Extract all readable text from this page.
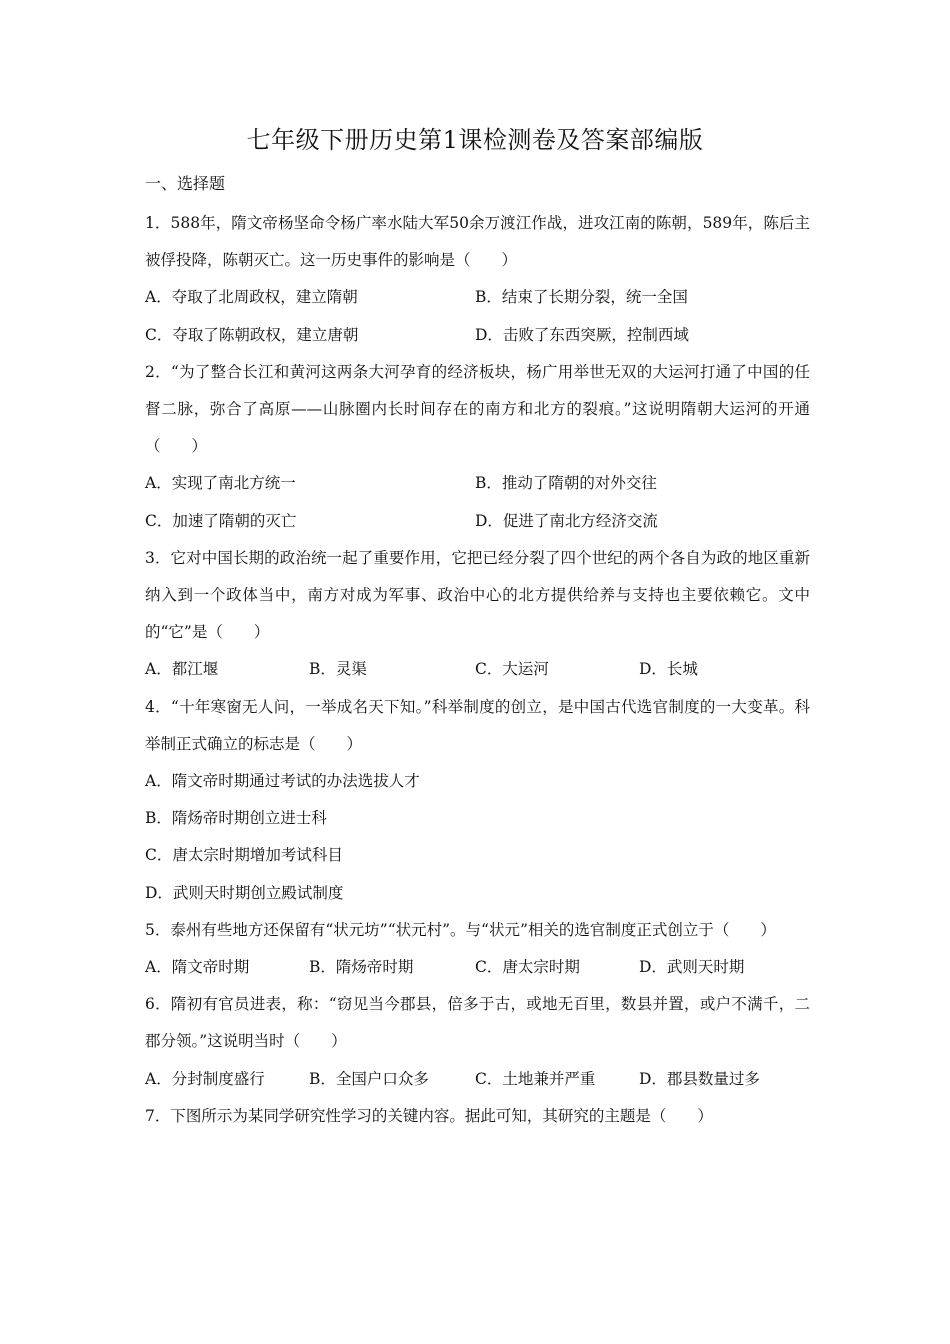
七年级下册历史第1课检测卷及答案部编版
一、选择题
1．588年，隋文帝杨坚命令杨广率水陆大军50余万渡江作战，进攻江南的陈朝，589年，陈后主被俘投降，陈朝灭亡。这一历史事件的影响是（　　）
A．夺取了北周政权，建立隋朝	B．结束了长期分裂，统一全国
C．夺取了陈朝政权，建立唐朝	D．击败了东西突厥，控制西域
2．“为了整合长江和黄河这两条大河孕育的经济板块，杨广用举世无双的大运河打通了中国的任督二脉，弥合了高原——山脉圈内长时间存在的南方和北方的裂痕。”这说明隋朝大运河的开通（　　）
A．实现了南北方统一	B．推动了隋朝的对外交往
C．加速了隋朝的灭亡	D．促进了南北方经济交流
3．它对中国长期的政治统一起了重要作用，它把已经分裂了四个世纪的两个各自为政的地区重新纳入到一个政体当中，南方对成为军事、政治中心的北方提供给养与支持也主要依赖它。文中的“它”是（　　）
A．都江堰	B．灵渠	C．大运河	D．长城
4．“十年寒窗无人问，一举成名天下知。”科举制度的创立，是中国古代选官制度的一大变革。科举制正式确立的标志是（　　）
A．隋文帝时期通过考试的办法选拔人才
B．隋炀帝时期创立进士科
C．唐太宗时期增加考试科目
D．武则天时期创立殿试制度
5．泰州有些地方还保留有“状元坊”“状元村”。与“状元”相关的选官制度正式创立于（　　）
A．隋文帝时期	B．隋炀帝时期	C．唐太宗时期	D．武则天时期
6．隋初有官员进表，称：“窃见当今郡县，倍多于古，或地无百里，数县并置，或户不满千，二郡分领。”这说明当时（　　）
A．分封制度盛行	B．全国户口众多	C．土地兼并严重	D．郡县数量过多
7．下图所示为某同学研究性学习的关键内容。据此可知，其研究的主题是（　　）
